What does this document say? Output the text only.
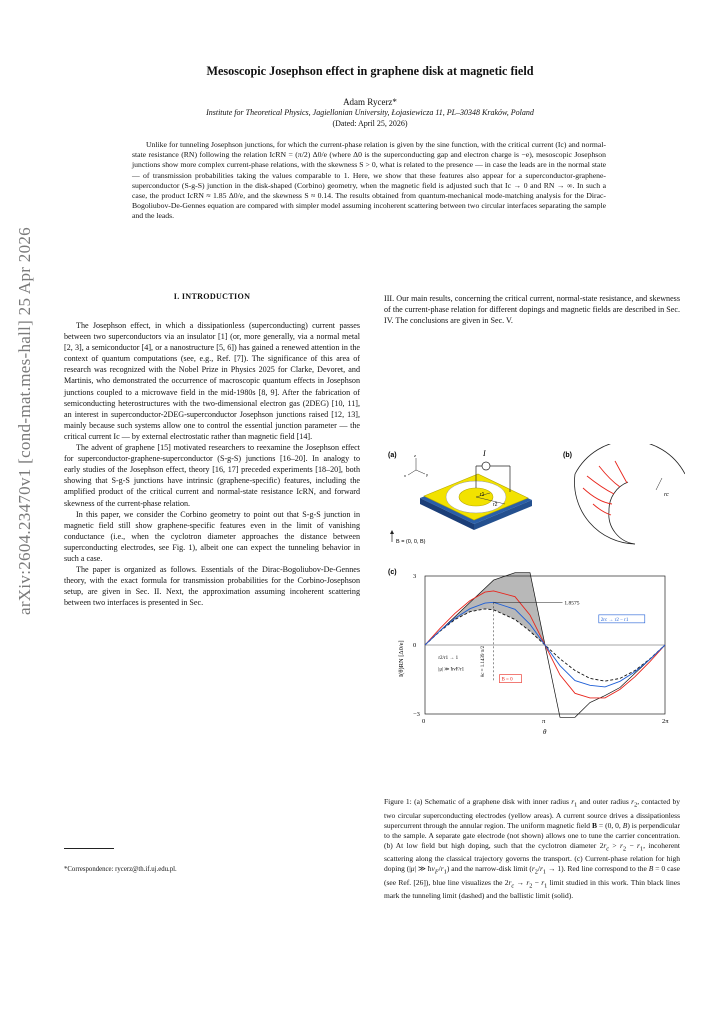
arXiv:2604.23470v1 [cond-mat.mes-hall] 25 Apr 2026
Mesoscopic Josephson effect in graphene disk at magnetic field
Adam Rycerz*
Institute for Theoretical Physics, Jagiellonian University, Łojasiewicza 11, PL–30348 Kraków, Poland
(Dated: April 25, 2026)
Unlike for tunneling Josephson junctions, for which the current-phase relation is given by the sine function, with the critical current (Ic) and normal-state resistance (RN) following the relation IcRN = (π/2) Δ0/e (where Δ0 is the superconducting gap and electron charge is −e), mesoscopic Josephson junctions show more complex current-phase relations, with the skewness S > 0, what is related to the presence — in case the leads are in the normal state — of transmission probabilities taking the values comparable to 1. Here, we show that these features also appear for a superconductor-graphene-superconductor (S-g-S) junction in the disk-shaped (Corbino) geometry, when the magnetic field is adjusted such that Ic → 0 and RN → ∞. In such a case, the product IcRN ≈ 1.85 Δ0/e, and the skewness S ≈ 0.14. The results obtained from quantum-mechanical mode-matching analysis for the Dirac-Bogoliubov-De-Gennes equation are compared with simpler model assuming incoherent scattering between two circular interfaces separating the sample and the leads.
I. INTRODUCTION

The Josephson effect, in which a dissipationless (superconducting) current passes between two superconductors via an insulator [1] (or, more generally, via a normal metal [2, 3], a semiconductor [4], or a nanostructure [5, 6]) has gained a renewed attention in the context of quantum computations (see, e.g., Ref. [7]). The significance of this area of research was recognized with the Nobel Prize in Physics 2025 for Clarke, Devoret, and Martinis, who demonstrated the occurrence of macroscopic quantum effects in Josephson junctions coupled to a microwave field in the mid-1980s [8, 9]. After the fabrication of semiconducting heterostructures with the two-dimensional electron gas (2DEG) [10, 11], an interest in superconductor-2DEG-superconductor Josephson junctions raised [12, 13], mainly because such systems allow one to control the essential junction parameter — the critical current Ic — by external electrostatic rather than magnetic field [14].

The advent of graphene [15] motivated researchers to reexamine the Josephson effect for superconductor-graphene-superconductor (S-g-S) junctions [16–20]. In analogy to early studies of the Josephson effect, theory [16, 17] preceded experiments [18–20], both showing that S-g-S junctions have intrinsic (graphene-specific) features, including the amplified product of the critical current and normal-state resistance IcRN, and forward skewness of the current-phase relation.

In this paper, we consider the Corbino geometry to point out that S-g-S junction in magnetic field still show graphene-specific features even in the limit of vanishing conductance (i.e., when the cyclotron diameter approaches the distance between superconducting electrodes, see Fig. 1), albeit one can expect the tunneling behavior in such a case.

The paper is organized as follows. Essentials of the Dirac-Bogoliubov-De-Gennes theory, with the exact formula for transmission probabilities for the Corbino-Josephson setup, are given in Sec. II. Next, the approximation assuming incoherent scattering between two interfaces is presented in Sec.

III. Our main results, concerning the critical current, normal-state resistance, and skewness of the current-phase relation for different dopings and magnetic fields are described in Sec. IV. The conclusions are given in Sec. V.

*Correspondence: rycerz@th.if.uj.edu.pl.
(a)
r1
r2
I
z
x	y
B = (0, 0, B)
(b)
rc
(c)
0	π	2π
−3
0
3
1.8575
θc = 1.1439 π/2
r2/r1 → 1
|μ| ≫ ħvF/r1
2rc → r2 − r1
B = 0
I(θ)RN [Δ0/e]
θ
Figure 1: (a) Schematic of a graphene disk with inner radius $r_1$ and outer radius $r_2$, contacted by two circular superconducting electrodes (yellow areas). A current source drives a dissipationless supercurrent through the annular region. The uniform magnetic field B = (0, 0, B) is perpendicular to the sample. A separate gate electrode (not shown) allows one to tune the carrier concentration. (b) At low field but high doping, such that the cyclotron diameter $2r_c > r_2 - r_1$, incoherent scattering along the classical trajectory governs the transport. (c) Current-phase relation for high doping (|μ| ≫ $ħv_F/r_1$) and the narrow-disk limit $(r_2/r_1 \to 1)$. Red line correspond to the B = 0 case (see Ref. [26]), blue line visualizes the $2r_c \to r_2 - r_1$ limit studied in this work. Thin black lines mark the tunneling limit (dashed) and the ballistic limit (solid).
